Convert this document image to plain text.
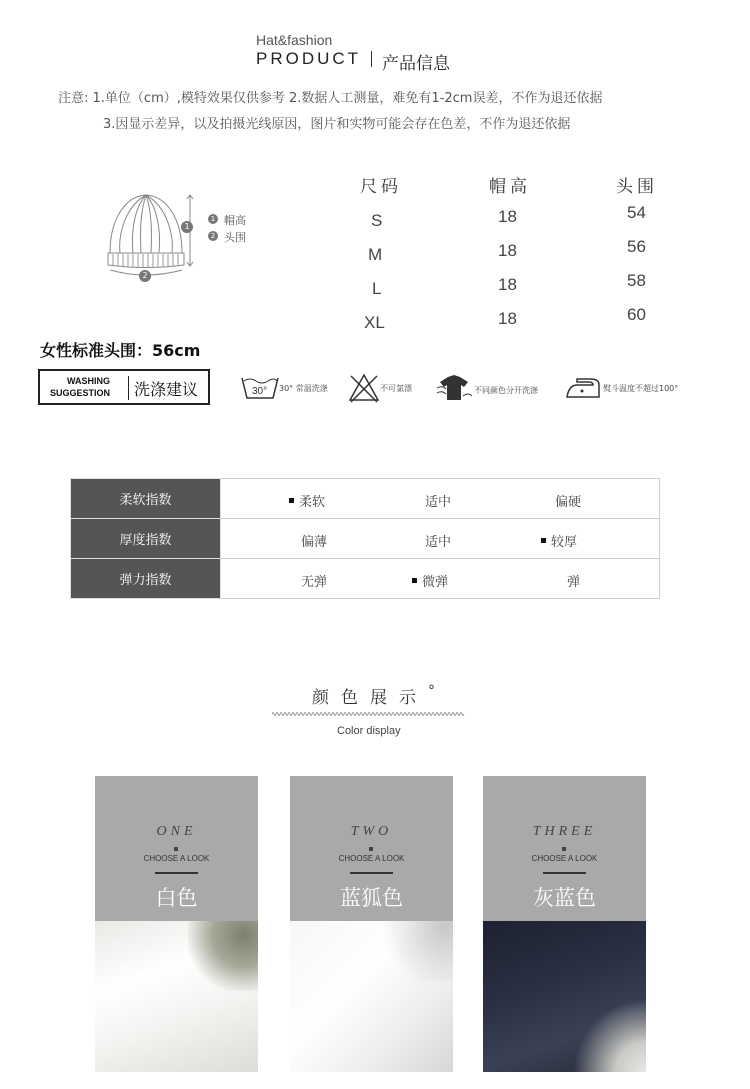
Hat&fashion
PRODUCT 产品信息
注意: 1.单位（cm）,模特效果仅供参考 2.数据人工测量，难免有1-2cm误差，不作为退还依据
3.因显示差异，以及拍摄光线原因，图片和实物可能会存在色差，不作为退还依据
1
2
1 帽高
2 头围
尺码	帽高	头围
S	18	54
M	18	56
L	18	58
XL	18	60
女性标准头围：56cm
WASHING
SUGGESTION 洗涤建议	30° 30° 常温洗涤	不可氯漂	不同颜色分开洗涤	熨斗温度不超过100°
柔软指数	柔软 适中 偏硬

厚度指数	偏薄 适中 较厚

弹力指数	无弹 微弹 弹
颜色展示°
Color display
ONE
CHOOSE A LOOK
白色
TWO
CHOOSE A LOOK
蓝狐色
THREE
CHOOSE A LOOK
灰蓝色
